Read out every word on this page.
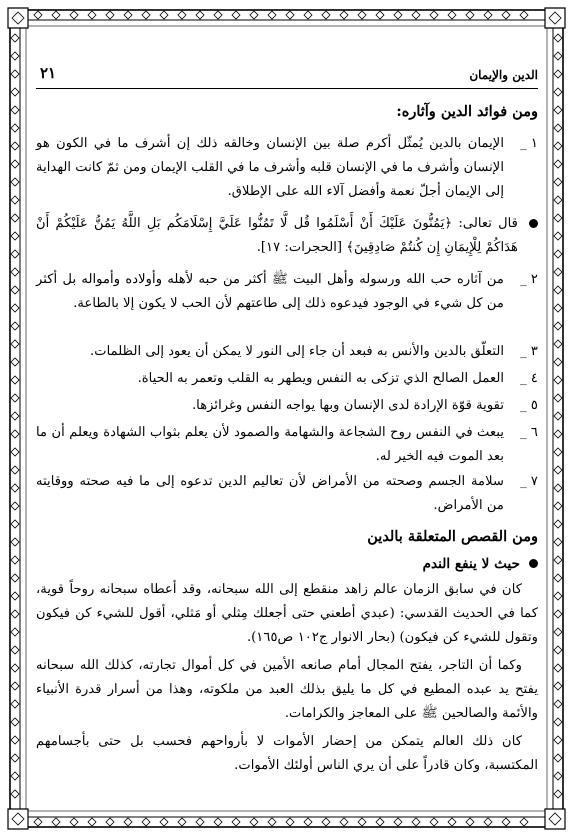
الدين والإيمان
٢١
ومن فوائد الدين وآثاره:
١ _
الإيمان بالدين يُمثّل أكرم صلة بين الإنسان وخالقه ذلك إن أشرف ما في الكون هو الإنسان وأشرف ما في الإنسان قلبه وأشرف ما في القلب الإيمان ومن ثمّ كانت الهداية إلى الإيمان أجلّ نعمة وأفضل آلاء الله على الإطلاق.
قال تعالى: ﴿يَمُنُّونَ عَلَيْكَ أَنْ أَسْلَمُوا قُل لَّا تَمُنُّوا عَلَيَّ إِسْلَامَكُم بَلِ اللَّهُ يَمُنُّ عَلَيْكُمْ أَنْ هَدَاكُمْ لِلْإِيمَانِ إِن كُنتُمْ صَادِقِينَ﴾ [الحجرات: ١٧].
٢ _
من آثاره حب الله ورسوله وأهل البيت ﷺ أكثر من حبه لأهله وأولاده وأمواله بل أكثر من كل شيء في الوجود فيدعوه ذلك إلى طاعتهم لأن الحب لا يكون إلا بالطاعة.
٣ _
التعلّق بالدين والأنس به فبعد أن جاء إلى النور لا يمكن أن يعود إلى الظلمات.
٤ _
العمل الصالح الذي تزكى به النفس ويطهر به القلب وتعمر به الحياة.
٥ _
تقوية قوّة الإرادة لدى الإنسان وبها يواجه النفس وغرائزها.
٦ _
يبعث في النفس روح الشجاعة والشهامة والصمود لأن يعلم بثواب الشهادة ويعلم أن ما بعد الموت فيه الخير له.
٧ _
سلامة الجسم وصحته من الأمراض لأن تعاليم الدين تدعوه إلى ما فيه صحته ووقايته من الأمراض.
ومن القصص المتعلقة بالدين
حيث لا ينفع الندم
كان في سابق الزمان عالم زاهد منقطع إلى الله سبحانه، وقد أعطاه سبحانه روحاً قوية، كما في الحديث القدسي: (عبدي أطعني حتى أجعلك مِثلي أو مَثلي، أقول للشيء كن فيكون وتقول للشيء كن فيكون) (بحار الانوار ج١٠٢ ص١٦٥).
وكما أن التاجر، يفتح المجال أمام صانعه الأمين في كل أموال تجارته، كذلك الله سبحانه يفتح يد عبده المطيع في كل ما يليق بذلك العبد من ملكوته، وهذا من أسرار قدرة الأنبياء والأئمة والصالحين ﷺ على المعاجز والكرامات.
كان ذلك العالم يتمكن من إحضار الأموات لا بأرواحهم فحسب بل حتى بأجسامهم المكتسبة، وكان قادراً على أن يري الناس أولئك الأموات.
